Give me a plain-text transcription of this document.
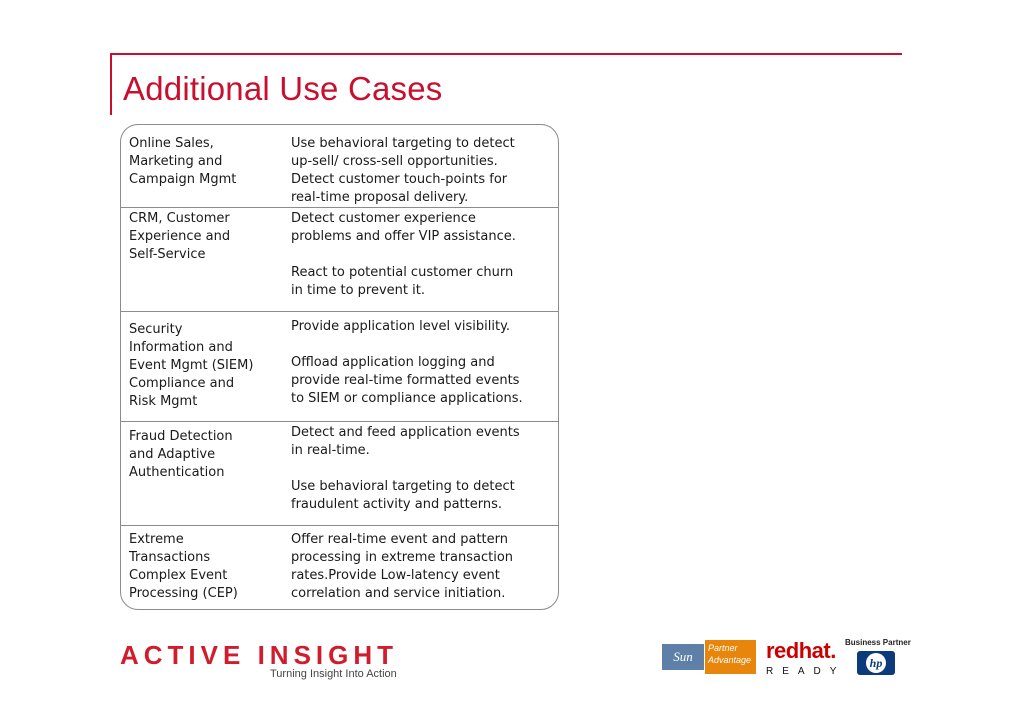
Additional Use Cases
Online Sales,
Marketing and
Campaign Mgmt
Use behavioral targeting to detect
up-sell/ cross-sell opportunities.
Detect customer touch-points for
real-time proposal delivery.
CRM, Customer
Experience and
Self-Service
Detect customer experience
problems and offer VIP assistance.

React to potential customer churn
in time to prevent it.
Security
Information and
Event Mgmt (SIEM)
Compliance and
Risk Mgmt
Provide application level visibility.

Offload application logging and
provide real-time formatted events
to SIEM or compliance applications.
Fraud Detection
and Adaptive
Authentication
Detect and feed application events
in real-time.

Use behavioral targeting to detect
fraudulent activity and patterns.
Extreme
Transactions
Complex Event
Processing (CEP)
Offer real-time event and pattern
processing in extreme transaction
rates.Provide Low-latency event
correlation and service initiation.
ACTIVE INSIGHT
Turning Insight Into Action
Sun
Partner
Advantage redhat.
READY
Business Partner
hp
